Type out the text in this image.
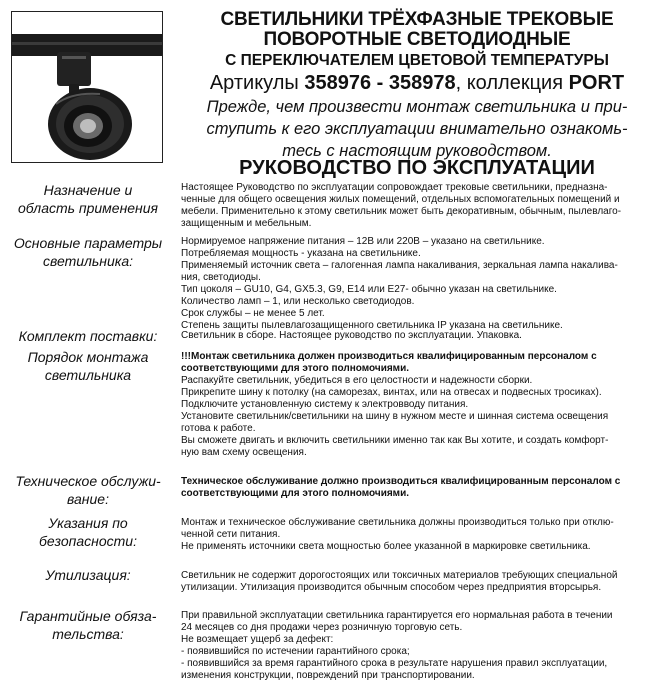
СВЕТИЛЬНИКИ ТРЁХФАЗНЫЕ ТРЕКОВЫЕ
ПОВОРОТНЫЕ СВЕТОДИОДНЫЕ
С ПЕРЕКЛЮЧАТЕЛЕМ ЦВЕТОВОЙ ТЕМПЕРАТУРЫ
Артикулы 358976 - 358978, коллекция PORT
Прежде, чем произвести монтаж светильника и при-
ступить к его эксплуатации внимательно ознакомь-
тесь с настоящим руководством.
РУКОВОДСТВО ПО ЭКСПЛУАТАЦИИ
Назначение и
область применения

Настоящее Руководство по эксплуатации сопровождает трековые светильники, предназна-

ченные для общего освещения жилых помещений, отдельных вспомогательных помещений и

мебели. Применительно к этому светильник может быть декоративным, обычным, пылевлаго-

защищенным и мебельным.

Основные параметры
светильника:

Нормируемое напряжение питания – 12В или 220В – указано на светильнике.

Потребляемая мощность - указана на светильнике.

Применяемый источник света – галогенная лампа накаливания, зеркальная лампа накалива-

ния, светодиоды.

Тип цоколя – GU10, G4, GX5.3, G9, E14 или E27- обычно указан на светильнике.

Количество ламп – 1, или несколько светодиодов.

Срок службы – не менее 5 лет.

Степень защиты пылевлагозащищенного светильника IP указана на светильнике.

Комплект поставки:	Светильник в сборе. Настоящее руководство по эксплуатации. Упаковка.

Порядок монтажа
светильника

!!!Монтаж светильника должен производиться квалифицированным персоналом с

соответствующими для этого полномочиями.

Распакуйте светильник, убедиться в его целостности и надежности сборки.

Прикрепите шину к потолку (на саморезах, винтах, или на отвесах и подвесных тросиках).

Подключите установленную систему к электровводу питания.

Установите светильник/светильники на шину в нужном месте и шинная система освещения

готова к работе.

Вы сможете двигать и включить светильники именно так как Вы хотите, и создать комфорт-

ную вам схему освещения.

Техническое обслужи-
вание:

Техническое обслуживание должно производиться квалифицированным персоналом с

соответствующими для этого полномочиями.

Указания по
безопасности:

Монтаж и техническое обслуживание светильника должны производиться только при отклю-

ченной сети питания.

Не применять источники света мощностью более указанной в маркировке светильника.

Утилизация:	Светильник не содержит дорогостоящих или токсичных материалов требующих специальной

утилизации. Утилизация производится обычным способом через предприятия вторсырья.

Гарантийные обяза-
тельства:

При правильной эксплуатации светильника гарантируется его нормальная работа в течении

24 месяцев со дня продажи через розничную торговую сеть.

Не возмещает ущерб за дефект:

- появившийся по истечении гарантийного срока;

- появившийся за время гарантийного срока в результате нарушения правил эксплуатации,

изменения конструкции, повреждений при транспортировании.
